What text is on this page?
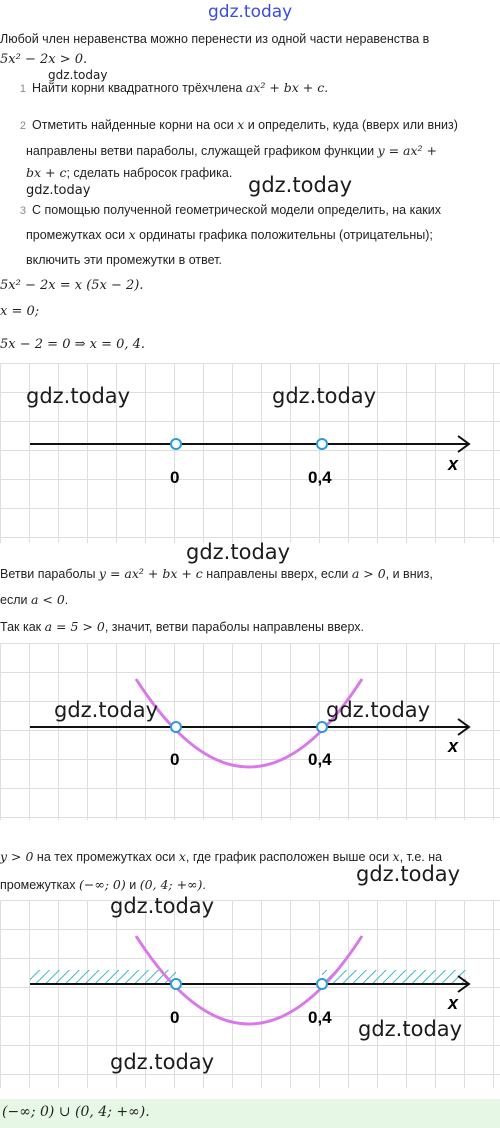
gdz.today
Любой член неравенства можно перенести из одной части неравенства в
5x² − 2x > 0.
gdz.today
1 Найти корни квадратного трёхчлена ax² + bx + c.
2 Отметить найденные корни на оси x и определить, куда (вверх или вниз)
направлены ветви параболы, служащей графиком функции y = ax² +
bx + c; сделать набросок графика.
gdz.today	gdz.today
3 С помощью полученной геометрической модели определить, на каких
промежутках оси x ординаты графика положительны (отрицательны);
включить эти промежутки в ответ.
5x² − 2x = x (5x − 2).
x = 0;
5x − 2 = 0 ⇒ x = 0, 4.
0	0,4
x
gdz.today	gdz.today
gdz.today
Ветви параболы y = ax² + bx + c направлены вверх, если a > 0, и вниз,
если a < 0.
Так как a = 5 > 0, значит, ветви параболы направлены вверх.
0	0,4
x
gdz.today	gdz.today
y > 0 на тех промежутках оси x, где график расположен выше оси x, т.е. на
промежутках (−∞; 0) и (0, 4; +∞).	gdz.today
0	0,4
x
gdz.today
gdz.today
gdz.today
(−∞; 0) ∪ (0, 4; +∞).
